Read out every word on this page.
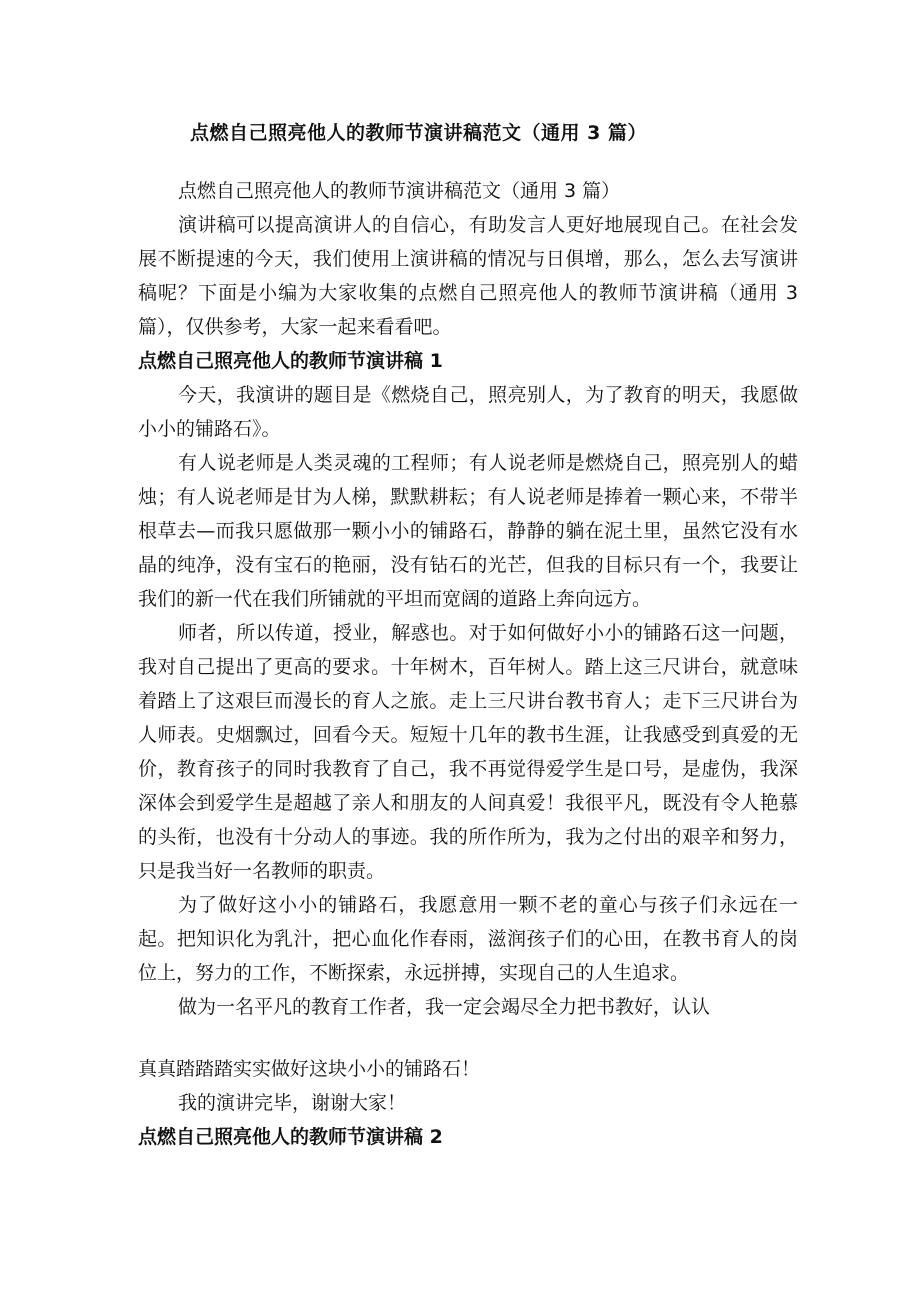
点燃自己照亮他人的教师节演讲稿范文（通用 3 篇）

点燃自己照亮他人的教师节演讲稿范文（通用 3 篇）

演讲稿可以提高演讲人的自信心，有助发言人更好地展现自己。在社会发展不断提速的今天，我们使用上演讲稿的情况与日俱增，那么，怎么去写演讲稿呢？下面是小编为大家收集的点燃自己照亮他人的教师节演讲稿（通用 3 篇），仅供参考，大家一起来看看吧。

点燃自己照亮他人的教师节演讲稿 1

今天，我演讲的题目是《燃烧自己，照亮别人，为了教育的明天，我愿做小小的铺路石》。

有人说老师是人类灵魂的工程师；有人说老师是燃烧自己，照亮别人的蜡烛；有人说老师是甘为人梯，默默耕耘；有人说老师是捧着一颗心来，不带半根草去—而我只愿做那一颗小小的铺路石，静静的躺在泥土里，虽然它没有水晶的纯净，没有宝石的艳丽，没有钻石的光芒，但我的目标只有一个，我要让我们的新一代在我们所铺就的平坦而宽阔的道路上奔向远方。

师者，所以传道，授业，解惑也。对于如何做好小小的铺路石这一问题，我对自己提出了更高的要求。十年树木，百年树人。踏上这三尺讲台，就意味着踏上了这艰巨而漫长的育人之旅。走上三尺讲台教书育人；走下三尺讲台为人师表。史烟飘过，回看今天。短短十几年的教书生涯，让我感受到真爱的无价，教育孩子的同时我教育了自己，我不再觉得爱学生是口号，是虚伪，我深深体会到爱学生是超越了亲人和朋友的人间真爱！我很平凡，既没有令人艳慕的头衔，也没有十分动人的事迹。我的所作所为，我为之付出的艰辛和努力，只是我当好一名教师的职责。

为了做好这小小的铺路石，我愿意用一颗不老的童心与孩子们永远在一起。把知识化为乳汁，把心血化作春雨，滋润孩子们的心田，在教书育人的岗位上，努力的工作，不断探索，永远拼搏，实现自己的人生追求。

做为一名平凡的教育工作者，我一定会竭尽全力把书教好，认认

真真踏踏踏实实做好这块小小的铺路石！

我的演讲完毕，谢谢大家！

点燃自己照亮他人的教师节演讲稿 2
